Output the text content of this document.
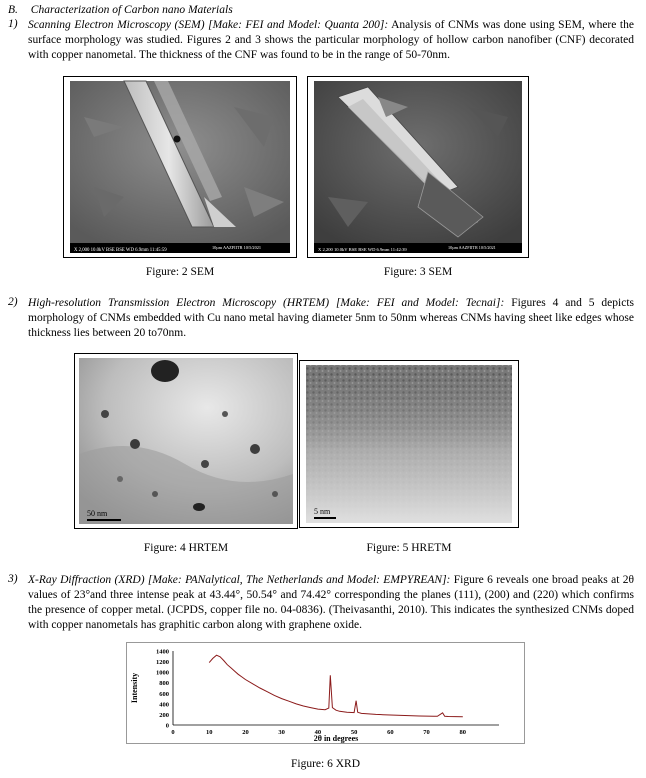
B. Characterization of Carbon nano Materials
1) Scanning Electron Microscopy (SEM) [Make: FEI and Model: Quanta 200]: Analysis of CNMs was done using SEM, where the surface morphology was studied. Figures 2 and 3 shows the particular morphology of hollow carbon nanofiber (CNF) decorated with copper nanometal. The thickness of the CNF was found to be in the range of 50-70nm.
X 2,000 10.0kV BSE BSE WD 6.9mm 11:45:59
10µm AAZFIITR 10/5/2021
Figure: 2 SEM
X 2,200 10.0kV BSE BSE WD 6.9mm 11:42:39	10µm AAZFIITR 10/5/2021
Figure: 3 SEM
2) High-resolution Transmission Electron Microscopy (HRTEM) [Make: FEI and Model: Tecnai]: Figures 4 and 5 depicts morphology of CNMs embedded with Cu nano metal having diameter 5nm to 50nm whereas CNMs having sheet like edges whose thickness lies between 20 to70nm.
50 nm
Figure: 4 HRTEM
5 nm
Figure: 5 HRETM
3) X-Ray Diffraction (XRD) [Make: PANalytical, The Netherlands and Model: EMPYREAN]: Figure 6 reveals one broad peaks at 2θ values of 23°and three intense peak at 43.44°, 50.54° and 74.42° corresponding the planes (111), (200) and (220) which confirms the presence of copper metal. (JCPDS, copper file no. 04-0836). (Theivasanthi, 2010). This indicates the synthesized CNMs doped with copper nanometals has graphitic carbon along with graphene oxide.
0
200
400
600
800
1000
1200
1400
0	10	20	30	40	50	60	70	80
2θ in degrees
Intensity
Figure: 6 XRD
